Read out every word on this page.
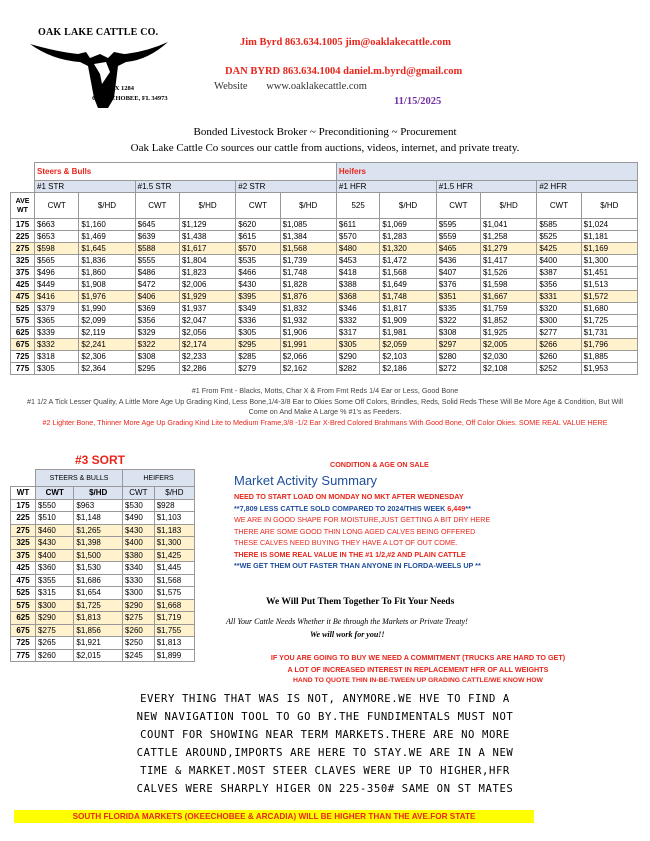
OAK LAKE CATTLE CO.
P.O. BOX 1284
OKEECHOBEE, FL 34973
Jim Byrd 863.634.1005 jim@oaklakecattle.com
DAN BYRD 863.634.1004 daniel.m.byrd@gmail.com
Website www.oaklakecattle.com
11/15/2025
Bonded Livestock Broker ~ Preconditioning ~ Procurement
Oak Lake Cattle Co sources our cattle from auctions, videos, internet, and private treaty.
	Steers & Bulls						Heifers					
	#1 STR		#1.5 STR		#2 STR		#1 HFR		#1.5 HFR		#2 HFR	

AVE
WT	CWT	$/HD	CWT	$/HD	CWT	$/HD	525	$/HD	CWT	$/HD	CWT	$/HD
175	$663	$1,160	$645	$1,129	$620	$1,085	$611	$1,069	$595	$1,041	$585	$1,024
225	$653	$1,469	$639	$1,438	$615	$1,384	$570	$1,283	$559	$1,258	$525	$1,181
275	$598	$1,645	$588	$1,617	$570	$1,568	$480	$1,320	$465	$1,279	$425	$1,169
325	$565	$1,836	$555	$1,804	$535	$1,739	$453	$1,472	$436	$1,417	$400	$1,300
375	$496	$1,860	$486	$1,823	$466	$1,748	$418	$1,568	$407	$1,526	$387	$1,451
425	$449	$1,908	$472	$2,006	$430	$1,828	$388	$1,649	$376	$1,598	$356	$1,513
475	$416	$1,976	$406	$1,929	$395	$1,876	$368	$1,748	$351	$1,667	$331	$1,572
525	$379	$1,990	$369	$1,937	$349	$1,832	$346	$1,817	$335	$1,759	$320	$1,680
575	$365	$2,099	$356	$2,047	$336	$1,932	$332	$1,909	$322	$1,852	$300	$1,725
625	$339	$2,119	$329	$2,056	$305	$1,906	$317	$1,981	$308	$1,925	$277	$1,731
675	$332	$2,241	$322	$2,174	$295	$1,991	$305	$2,059	$297	$2,005	$266	$1,796
725	$318	$2,306	$308	$2,233	$285	$2,066	$290	$2,103	$280	$2,030	$260	$1,885
775	$305	$2,364	$295	$2,286	$279	$2,162	$282	$2,186	$272	$2,108	$252	$1,953
#1 From Fmt - Blacks, Motts, Char X & From Fmt Reds 1/4 Ear or Less, Good Bone
#1 1/2 A Tick Lesser Quality, A Little More Age Up Grading Kind, Less Bone,1/4-3/8 Ear to Okies Some Off Colors, Brindles, Reds, Solid Reds These Will Be More Age & Condition, But Will Come on And Make A Large % #1's as Feeders.
#2 Lighter Bone, Thinner More Age Up Grading Kind Lite to Medium Frame,3/8 -1/2 Ear X-Bred Colored Brahmans With Good Bone, Off Color Okies. SOME REAL VALUE HERE
#3 SORT
	STEERS & BULLS		HEIFERS	
WT	CWT	$/HD	CWT	$/HD
175	$550	$963	$530	$928
225	$510	$1,148	$490	$1,103
275	$460	$1,265	$430	$1,183
325	$430	$1,398	$400	$1,300
375	$400	$1,500	$380	$1,425
425	$360	$1,530	$340	$1,445
475	$355	$1,686	$330	$1,568
525	$315	$1,654	$300	$1,575
575	$300	$1,725	$290	$1,668
625	$290	$1,813	$275	$1,719
675	$275	$1,856	$260	$1,755
725	$265	$1,921	$250	$1,813
775	$260	$2,015	$245	$1,899
CONDITION & AGE ON SALE
Market Activity Summary
NEED TO START LOAD ON MONDAY NO MKT AFTER WEDNESDAY
**7,809 LESS CATTLE SOLD COMPARED TO 2024/THIS WEEK 6,449**
WE ARE IN GOOD SHAPE FOR MOISTURE,JUST GETTING A BIT DRY HERE
THERE ARE SOME GOOD THIN LONG AGED CALVES BEING OFFERED
THESE CALVES NEED BUYING THEY HAVE A LOT OF OUT COME.
THERE IS SOME REAL VALUE IN THE #1 1/2,#2 AND PLAIN CATTLE
**WE GET THEM OUT FASTER THAN ANYONE IN FLORDA-WEELS UP **
We Will Put Them Together To Fit Your Needs
All Your Cattle Needs Whether it Be through the Markets or Private Treaty!
We will work for you!!
IF YOU ARE GOING TO BUY WE NEED A COMMITMENT (TRUCKS ARE HARD TO GET)
A LOT OF INCREASED INTEREST IN REPLACEMENT HFR OF ALL WEIGHTS
HAND TO QUOTE THIN IN-BE-TWEEN UP GRADING CATTLE/WE KNOW HOW
EVERY THING THAT WAS IS NOT, ANYMORE.WE HVE TO FIND A
NEW NAVIGATION TOOL TO GO BY.THE FUNDIMENTALS MUST NOT
COUNT FOR SHOWING NEAR TERM MARKETS.THERE ARE NO MORE
CATTLE AROUND,IMPORTS ARE HERE TO STAY.WE ARE IN A NEW
TIME & MARKET.MOST STEER CLAVES WERE UP TO HIGHER,HFR
CALVES WERE SHARPLY HIGER ON 225-350# SAME ON ST MATES
SOUTH FLORIDA MARKETS (OKEECHOBEE & ARCADIA) WILL BE HIGHER THAN THE AVE.FOR STATE
